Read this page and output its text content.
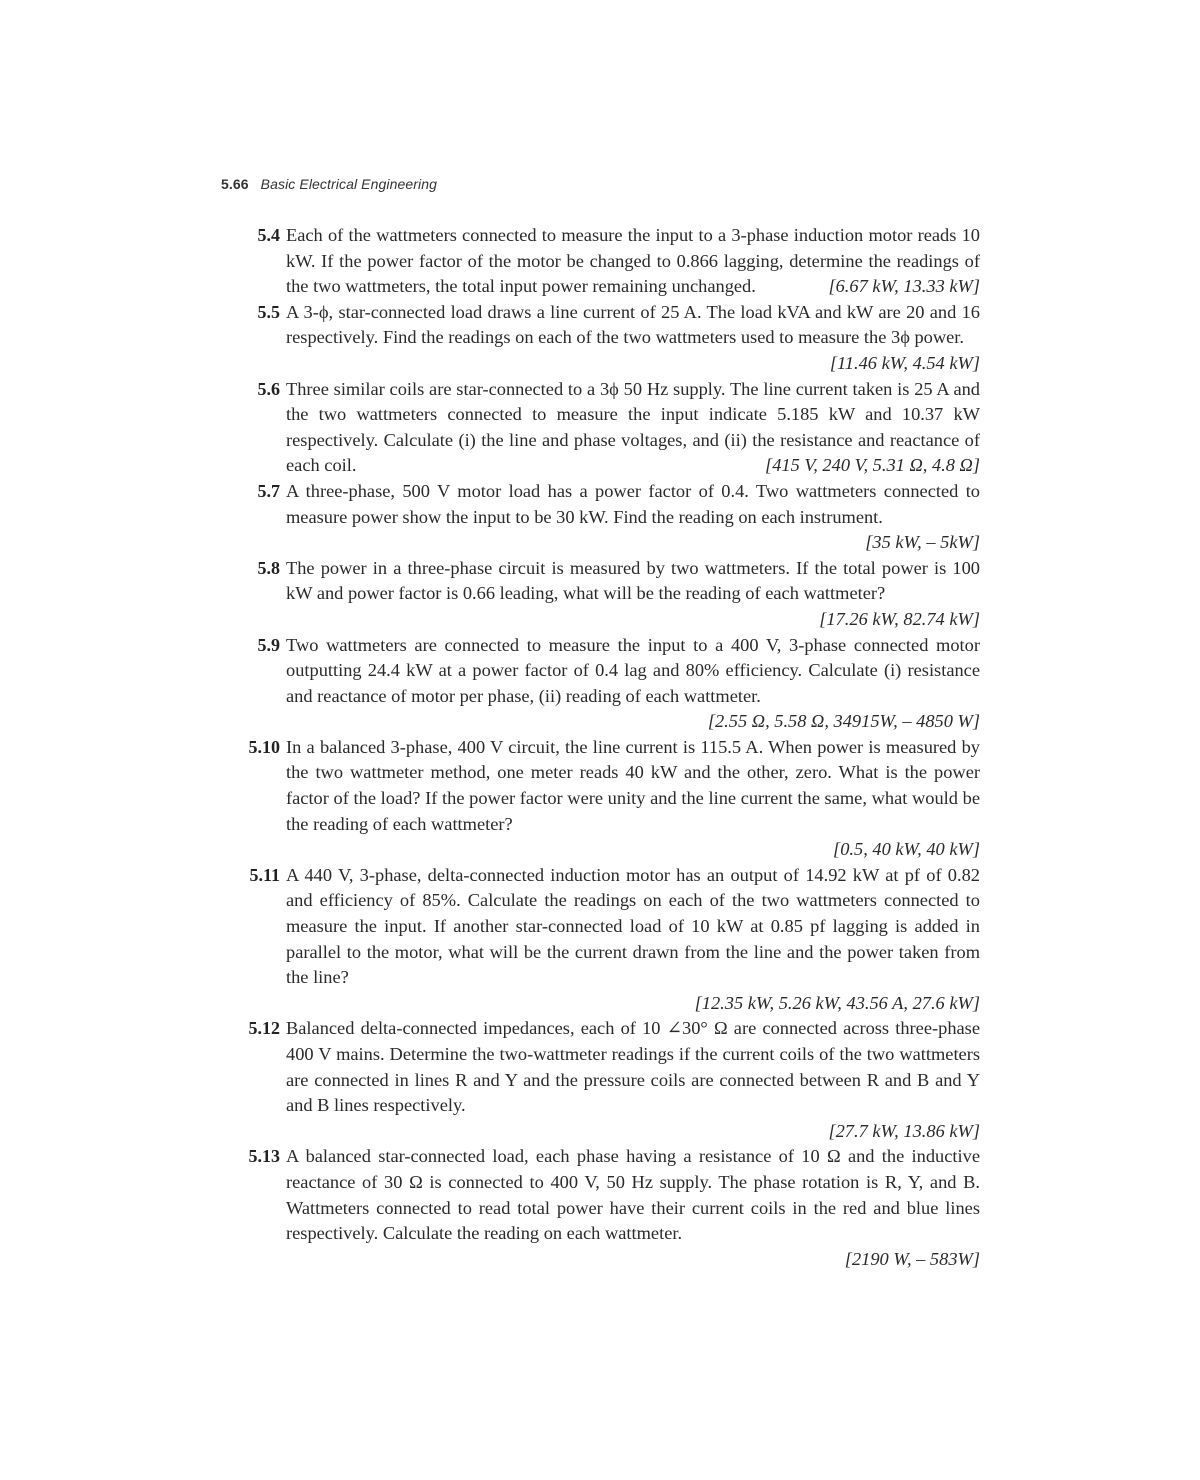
5.66 Basic Electrical Engineering
5.4 Each of the wattmeters connected to measure the input to a 3-phase induction motor reads 10 kW. If the power factor of the motor be changed to 0.866 lagging, determine the readings of the two wattmeters, the total input power remaining unchanged.	[6.67 kW, 13.33 kW]
5.5 A 3-ϕ, star-connected load draws a line current of 25 A. The load kVA and kW are 20 and 16 respectively. Find the readings on each of the two wattmeters used to measure the 3ϕ power.
[11.46 kW, 4.54 kW]
5.6 Three similar coils are star-connected to a 3ϕ 50 Hz supply. The line current taken is 25 A and the two wattmeters connected to measure the input indicate 5.185 kW and 10.37 kW respectively. Calculate (i) the line and phase voltages, and (ii) the resistance and reactance of each coil.	[415 V, 240 V, 5.31 Ω, 4.8 Ω]
5.7 A three-phase, 500 V motor load has a power factor of 0.4. Two wattmeters connected to measure power show the input to be 30 kW. Find the reading on each instrument.
[35 kW, – 5kW]
5.8 The power in a three-phase circuit is measured by two wattmeters. If the total power is 100 kW and power factor is 0.66 leading, what will be the reading of each wattmeter?
[17.26 kW, 82.74 kW]
5.9 Two wattmeters are connected to measure the input to a 400 V, 3-phase connected motor outputting 24.4 kW at a power factor of 0.4 lag and 80% efficiency. Calculate (i) resistance and reactance of motor per phase, (ii) reading of each wattmeter.
[2.55 Ω, 5.58 Ω, 34915W, – 4850 W]
5.10 In a balanced 3-phase, 400 V circuit, the line current is 115.5 A. When power is measured by the two wattmeter method, one meter reads 40 kW and the other, zero. What is the power factor of the load? If the power factor were unity and the line current the same, what would be the reading of each wattmeter?
[0.5, 40 kW, 40 kW]
5.11 A 440 V, 3-phase, delta-connected induction motor has an output of 14.92 kW at pf of 0.82 and efficiency of 85%. Calculate the readings on each of the two wattmeters connected to measure the input. If another star-connected load of 10 kW at 0.85 pf lagging is added in parallel to the motor, what will be the current drawn from the line and the power taken from the line?
[12.35 kW, 5.26 kW, 43.56 A, 27.6 kW]
5.12 Balanced delta-connected impedances, each of 10 ∠30° Ω are connected across three-phase 400 V mains. Determine the two-wattmeter readings if the current coils of the two wattmeters are connected in lines R and Y and the pressure coils are connected between R and B and Y and B lines respectively.
[27.7 kW, 13.86 kW]
5.13 A balanced star-connected load, each phase having a resistance of 10 Ω and the inductive reactance of 30 Ω is connected to 400 V, 50 Hz supply. The phase rotation is R, Y, and B. Wattmeters connected to read total power have their current coils in the red and blue lines respectively. Calculate the reading on each wattmeter.
[2190 W, – 583W]
